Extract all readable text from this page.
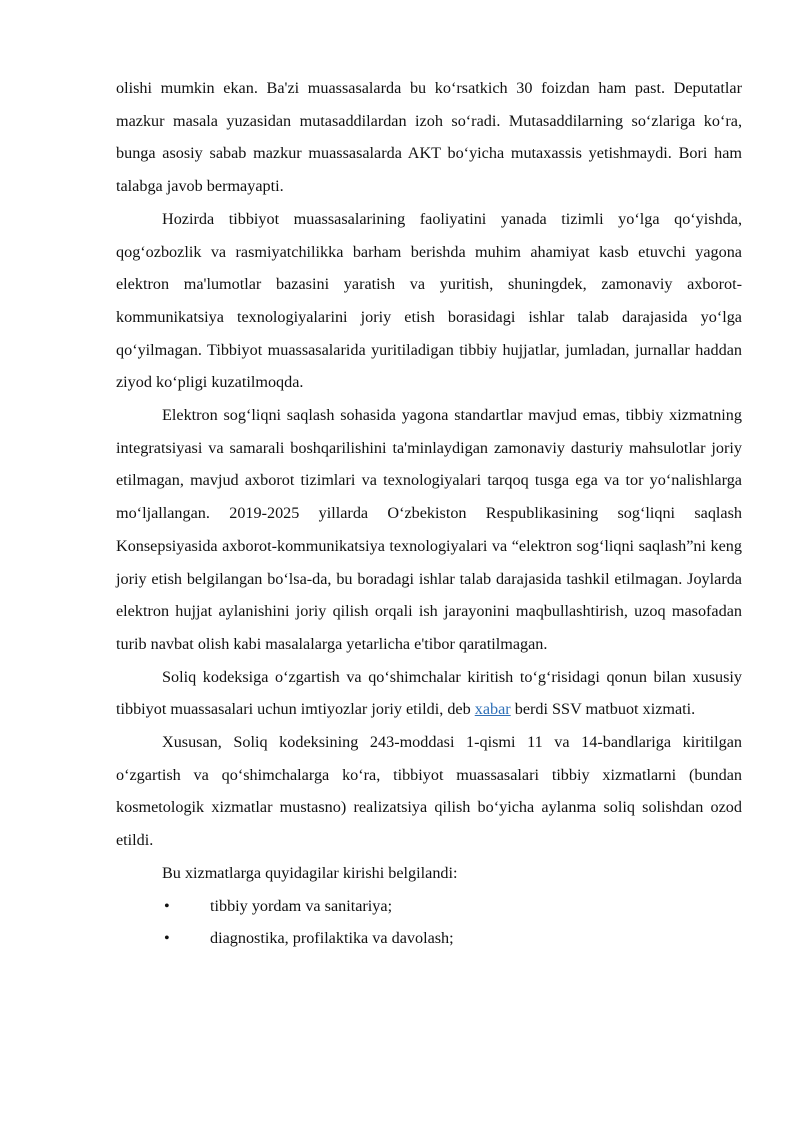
olishi mumkin ekan. Ba'zi muassasalarda bu ko‘rsatkich 30 foizdan ham past. Deputatlar mazkur masala yuzasidan mutasaddilardan izoh so‘radi. Mutasaddilarning so‘zlariga ko‘ra, bunga asosiy sabab mazkur muassasalarda AKT bo‘yicha mutaxassis yetishmaydi. Bori ham talabga javob bermayapti.

Hozirda tibbiyot muassasalarining faoliyatini yanada tizimli yo‘lga qo‘yishda, qog‘ozbozlik va rasmiyatchilikka barham berishda muhim ahamiyat kasb etuvchi yagona elektron ma'lumotlar bazasini yaratish va yuritish, shuningdek, zamonaviy axborot-kommunikatsiya texnologiyalarini joriy etish borasidagi ishlar talab darajasida yo‘lga qo‘yilmagan. Tibbiyot muassasalarida yuritiladigan tibbiy hujjatlar, jumladan, jurnallar haddan ziyod ko‘pligi kuzatilmoqda.

Elektron sog‘liqni saqlash sohasida yagona standartlar mavjud emas, tibbiy xizmatning integratsiyasi va samarali boshqarilishini ta'minlaydigan zamonaviy dasturiy mahsulotlar joriy etilmagan, mavjud axborot tizimlari va texnologiyalari tarqoq tusga ega va tor yo‘nalishlarga mo‘ljallangan. 2019-2025 yillarda O‘zbekiston Respublikasining sog‘liqni saqlash Konsepsiyasida axborot-kommunikatsiya texnologiyalari va “elektron sog‘liqni saqlash”ni keng joriy etish belgilangan bo‘lsa-da, bu boradagi ishlar talab darajasida tashkil etilmagan. Joylarda elektron hujjat aylanishini joriy qilish orqali ish jarayonini maqbullashtirish, uzoq masofadan turib navbat olish kabi masalalarga yetarlicha e'tibor qaratilmagan.

Soliq kodeksiga o‘zgartish va qo‘shimchalar kiritish to‘g‘risidagi qonun bilan xususiy tibbiyot muassasalari uchun imtiyozlar joriy etildi, deb xabar berdi SSV matbuot xizmati.

Xususan, Soliq kodeksining 243-moddasi 1-qismi 11 va 14-bandlariga kiritilgan o‘zgartish va qo‘shimchalarga ko‘ra, tibbiyot muassasalari tibbiy xizmatlarni (bundan kosmetologik xizmatlar mustasno) realizatsiya qilish bo‘yicha aylanma soliq solishdan ozod etildi.

Bu xizmatlarga quyidagilar kirishi belgilandi:

• tibbiy yordam va sanitariya;
• diagnostika, profilaktika va davolash;
